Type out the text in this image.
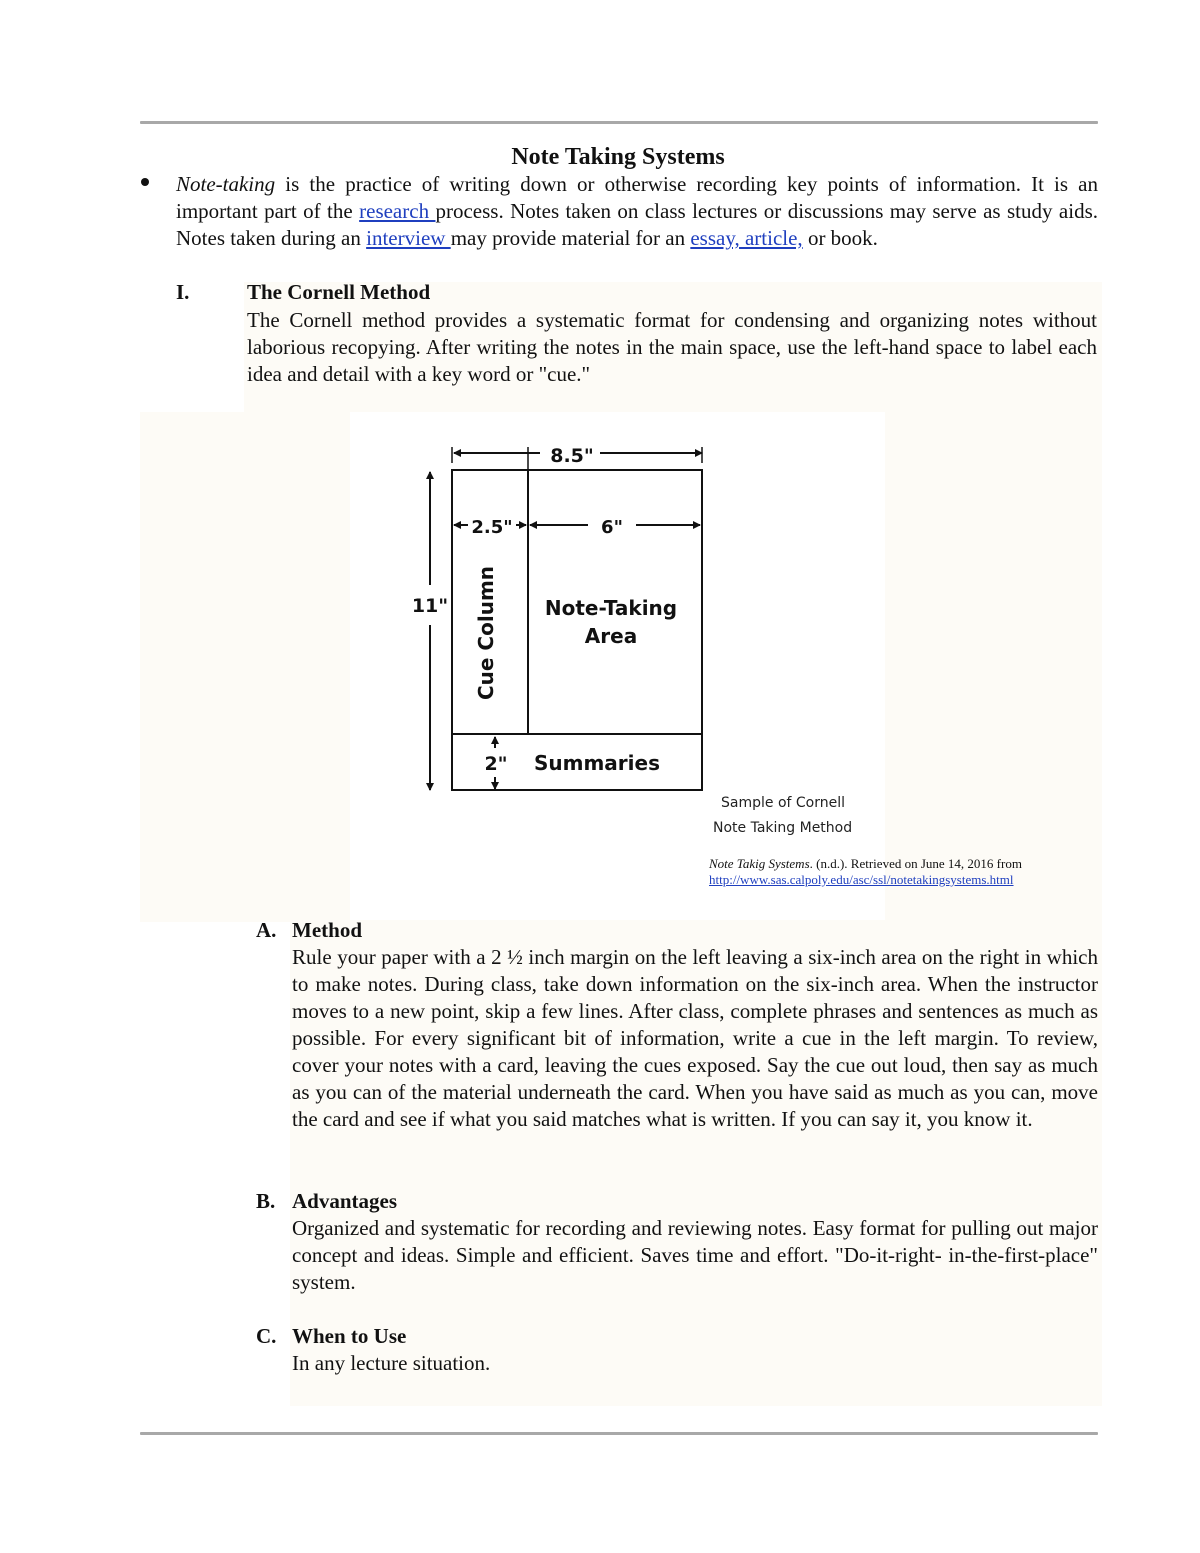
Note Taking Systems
Note-taking is the practice of writing down or otherwise recording key points of information. It is an important part of the research process. Notes taken on class lectures or discussions may serve as study aids. Notes taken during an interview may provide material for an essay, article, or book.
I.	The Cornell Method
The Cornell method provides a systematic format for condensing and organizing notes without laborious recopying. After writing the notes in the main space, use the left-hand space to label each idea and detail with a key word or "cue."
8.5"
11"
2.5"	6"
Cue Column Note-Taking
Area
2" Summaries
Sample of Cornell
Note Taking Method
Note Takig Systems. (n.d.). Retrieved on June 14, 2016 from
http://www.sas.calpoly.edu/asc/ssl/notetakingsystems.html
A. Method
Rule your paper with a 2 ½ inch margin on the left leaving a six-inch area on the right in which to make notes. During class, take down information on the six-inch area. When the instructor moves to a new point, skip a few lines. After class, complete phrases and sentences as much as possible. For every significant bit of information, write a cue in the left margin. To review, cover your notes with a card, leaving the cues exposed. Say the cue out loud, then say as much as you can of the material underneath the card. When you have said as much as you can, move the card and see if what you said matches what is written. If you can say it, you know it.
B. Advantages
Organized and systematic for recording and reviewing notes. Easy format for pulling out major concept and ideas. Simple and efficient. Saves time and effort. "Do-it-right- in-the-first-place" system.
C. When to Use
In any lecture situation.
